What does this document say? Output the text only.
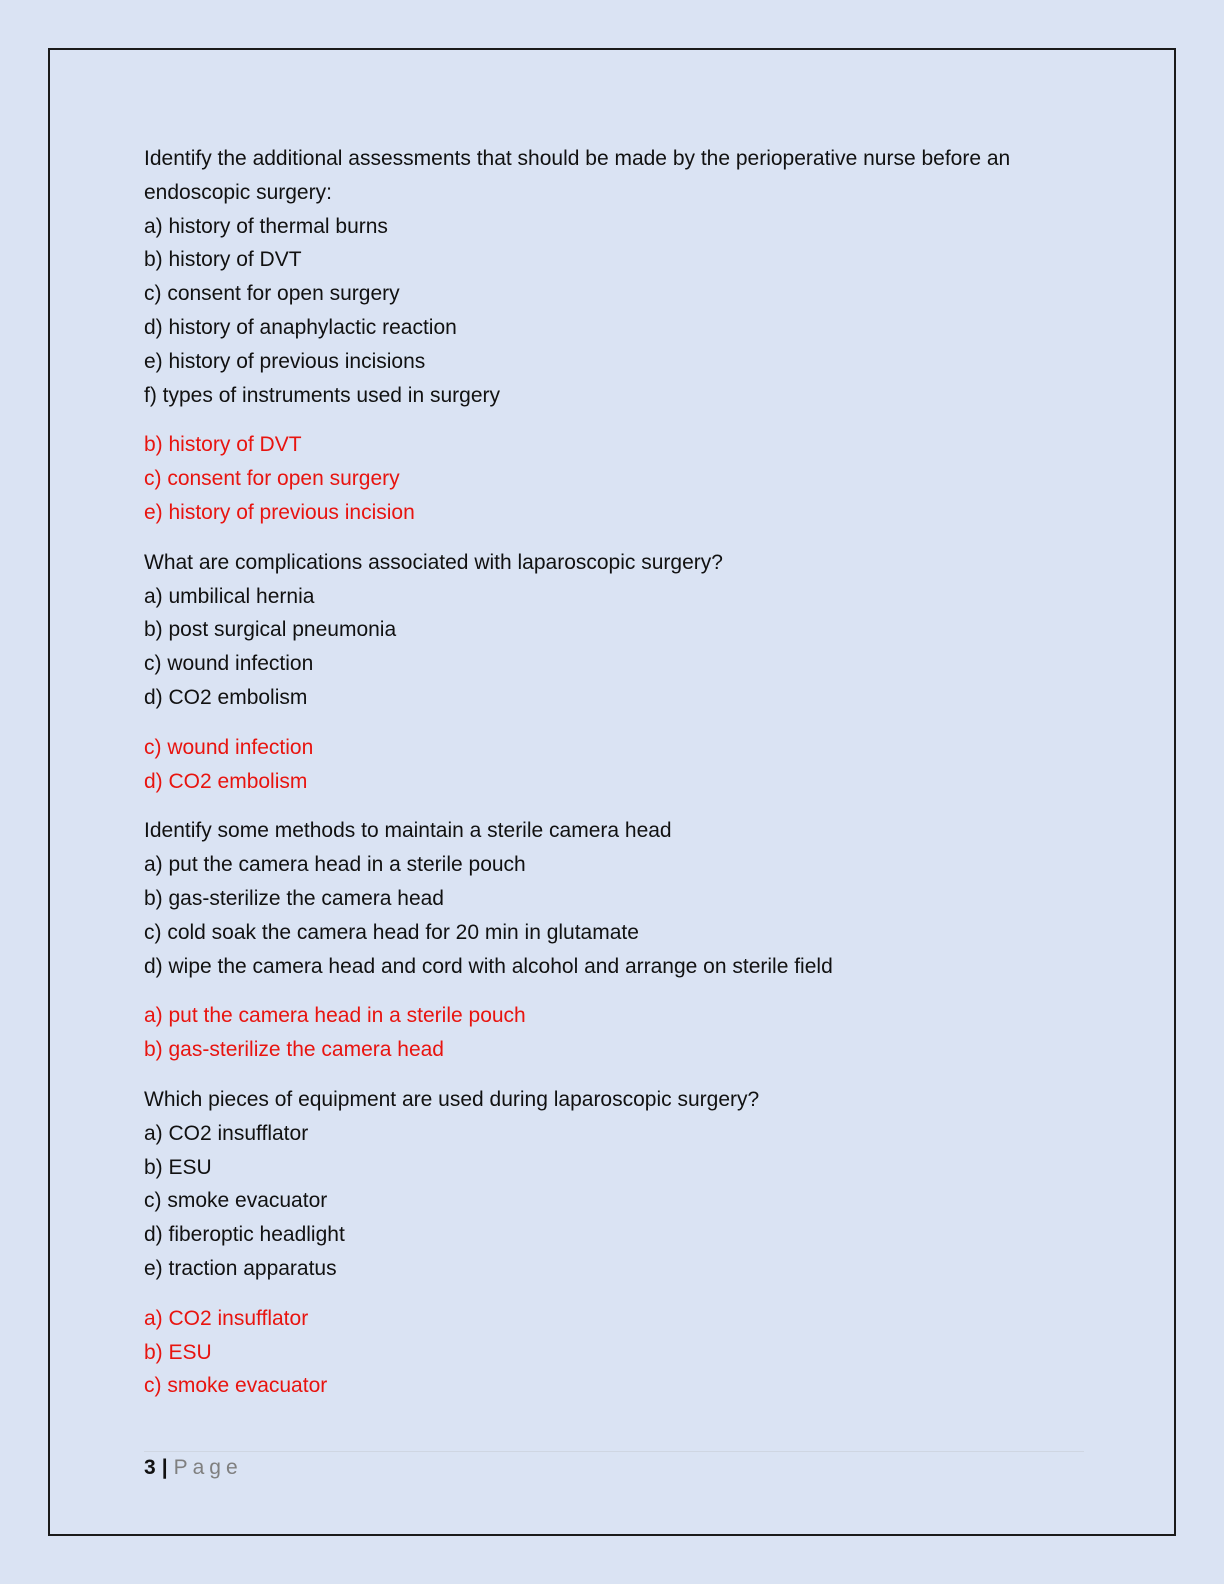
Identify the additional assessments that should be made by the perioperative nurse before an endoscopic surgery:
a) history of thermal burns
b) history of DVT
c) consent for open surgery
d) history of anaphylactic reaction
e) history of previous incisions
f) types of instruments used in surgery
b) history of DVT
c) consent for open surgery
e) history of previous incision
What are complications associated with laparoscopic surgery?
a) umbilical hernia
b) post surgical pneumonia
c) wound infection
d) CO2 embolism
c) wound infection
d) CO2 embolism
Identify some methods to maintain a sterile camera head
a) put the camera head in a sterile pouch
b) gas-sterilize the camera head
c) cold soak the camera head for 20 min in glutamate
d) wipe the camera head and cord with alcohol and arrange on sterile field
a) put the camera head in a sterile pouch
b) gas-sterilize the camera head
Which pieces of equipment are used during laparoscopic surgery?
a) CO2 insufflator
b) ESU
c) smoke evacuator
d) fiberoptic headlight
e) traction apparatus
a) CO2 insufflator
b) ESU
c) smoke evacuator
3 | Page
